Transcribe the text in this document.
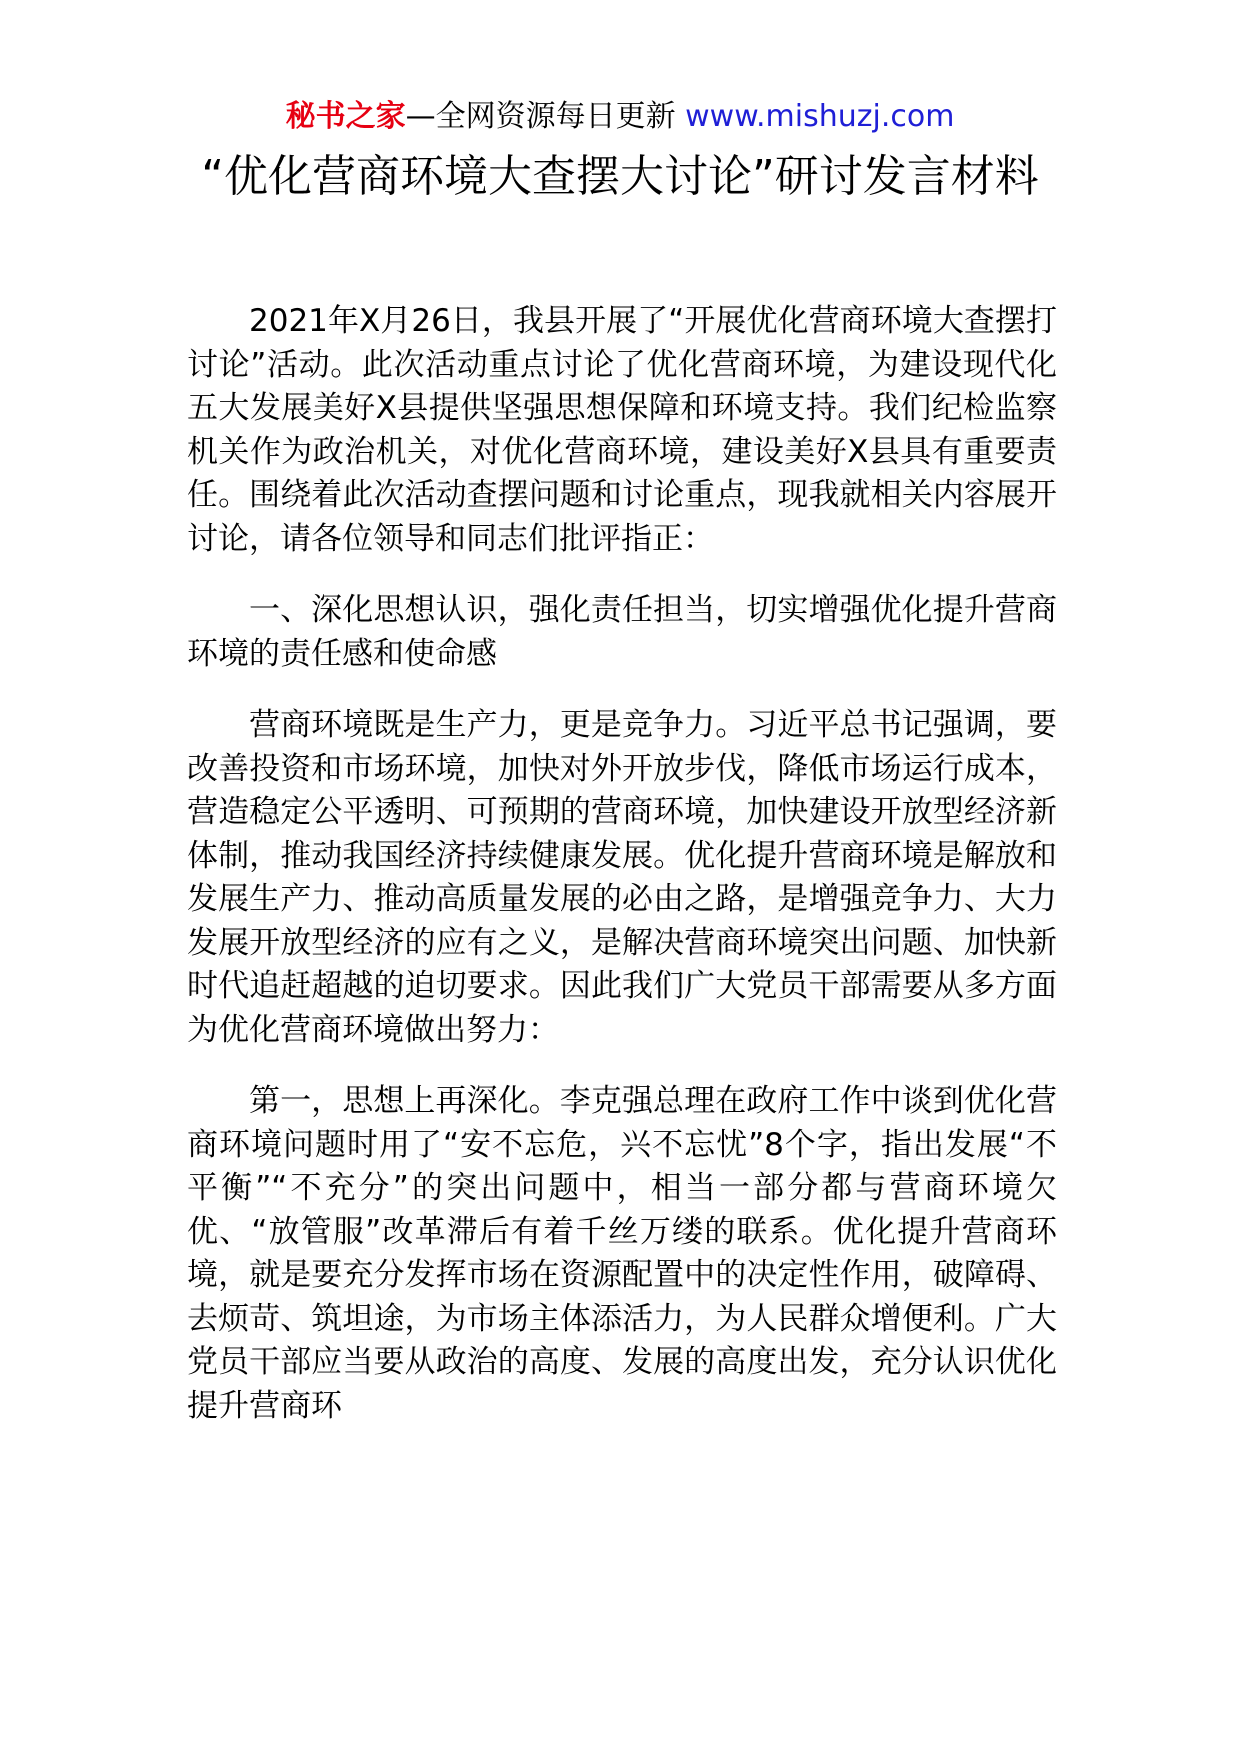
秘书之家—全网资源每日更新 www.mishuzj.com
“优化营商环境大查摆大讨论”研讨发言材料

2021年X月26日，我县开展了“开展优化营商环境大查摆打讨论”活动。此次活动重点讨论了优化营商环境，为建设现代化五大发展美好X县提供坚强思想保障和环境支持。我们纪检监察机关作为政治机关，对优化营商环境，建设美好X县具有重要责任。围绕着此次活动查摆问题和讨论重点，现我就相关内容展开讨论，请各位领导和同志们批评指正：

一、深化思想认识，强化责任担当，切实增强优化提升营商环境的责任感和使命感

营商环境既是生产力，更是竞争力。习近平总书记强调，要改善投资和市场环境，加快对外开放步伐，降低市场运行成本，营造稳定公平透明、可预期的营商环境，加快建设开放型经济新体制，推动我国经济持续健康发展。优化提升营商环境是解放和发展生产力、推动高质量发展的必由之路，是增强竞争力、大力发展开放型经济的应有之义，是解决营商环境突出问题、加快新时代追赶超越的迫切要求。因此我们广大党员干部需要从多方面为优化营商环境做出努力：

第一，思想上再深化。李克强总理在政府工作中谈到优化营商环境问题时用了“安不忘危，兴不忘忧”8个字，指出发展“不平衡”“不充分”的突出问题中，相当一部分都与营商环境欠优、“放管服”改革滞后有着千丝万缕的联系。优化提升营商环境，就是要充分发挥市场在资源配置中的决定性作用，破障碍、去烦苛、筑坦途，为市场主体添活力，为人民群众增便利。广大党员干部应当要从政治的高度、发展的高度出发，充分认识优化提升营商环
